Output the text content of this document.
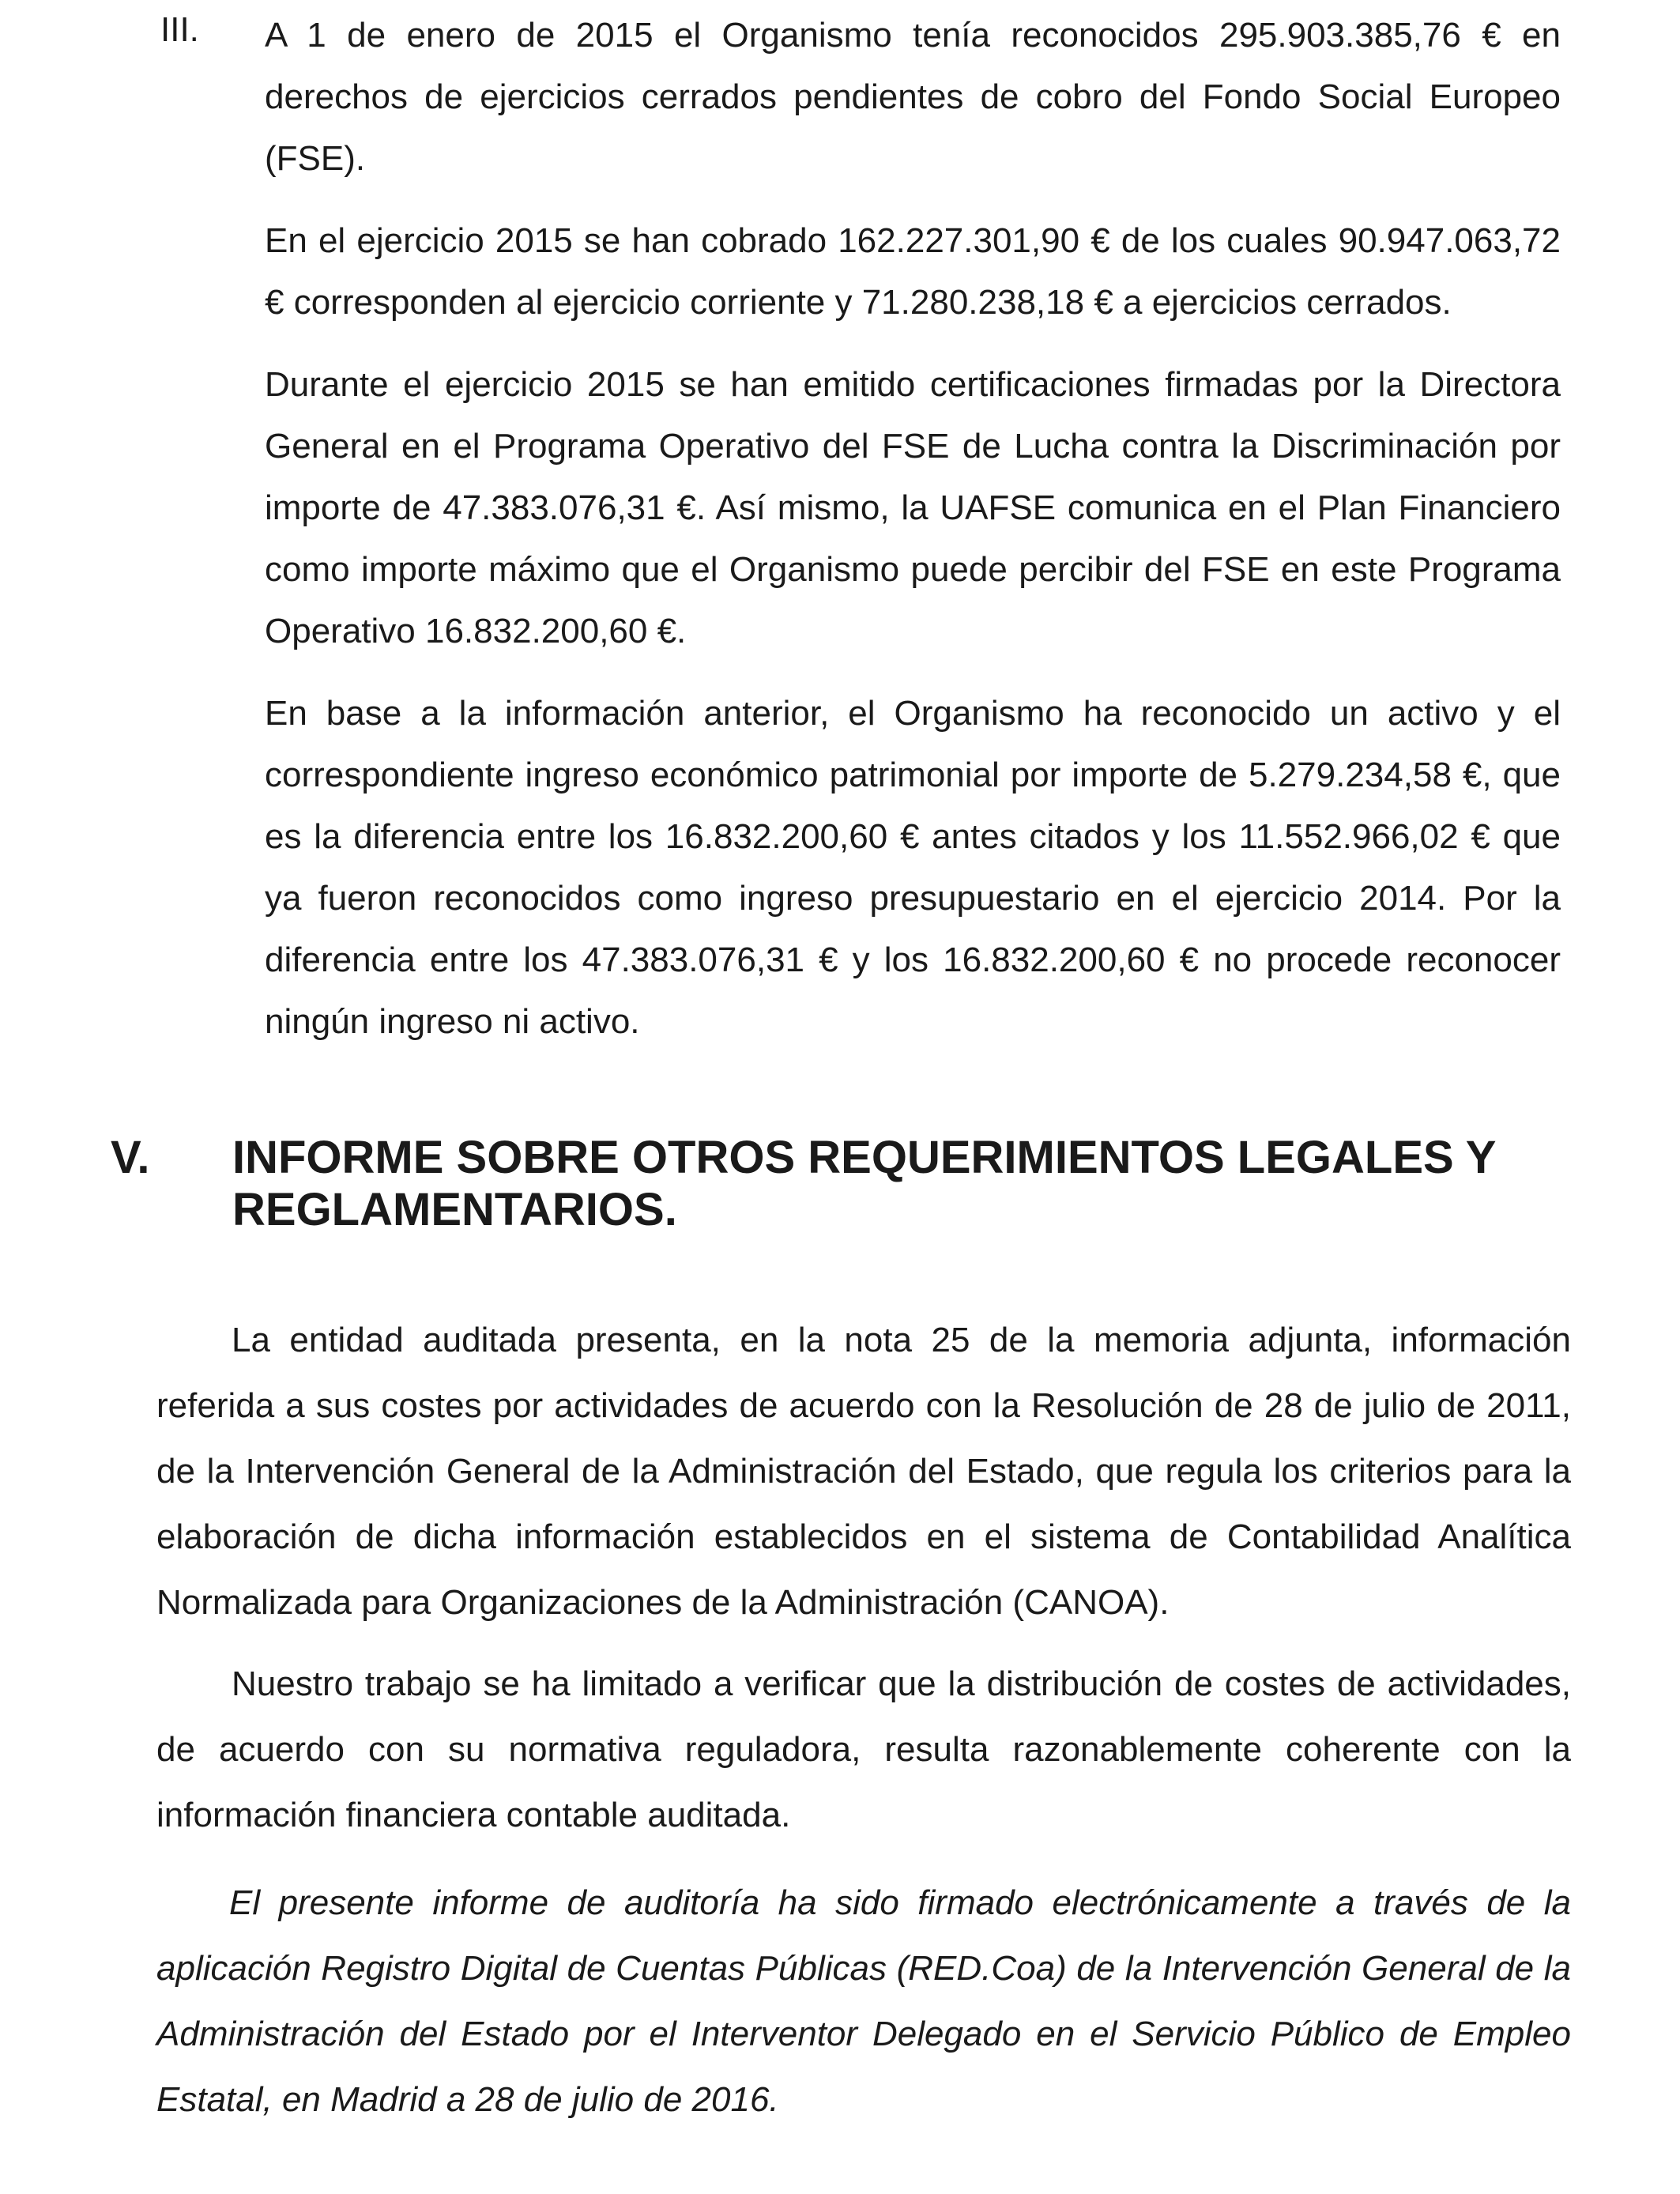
III. A 1 de enero de 2015 el Organismo tenía reconocidos 295.903.385,76 € en derechos de ejercicios cerrados pendientes de cobro del Fondo Social Europeo (FSE).

En el ejercicio 2015 se han cobrado 162.227.301,90 € de los cuales 90.947.063,72 € corresponden al ejercicio corriente y 71.280.238,18 € a ejercicios cerrados.

Durante el ejercicio 2015 se han emitido certificaciones firmadas por la Directora General en el Programa Operativo del FSE de Lucha contra la Discriminación por importe de 47.383.076,31 €. Así mismo, la UAFSE comunica en el Plan Financiero como importe máximo que el Organismo puede percibir del FSE en este Programa Operativo 16.832.200,60 €.

En base a la información anterior, el Organismo ha reconocido un activo y el correspondiente ingreso económico patrimonial por importe de 5.279.234,58 €, que es la diferencia entre los 16.832.200,60 € antes citados y los 11.552.966,02 € que ya fueron reconocidos como ingreso presupuestario en el ejercicio 2014. Por la diferencia entre los 47.383.076,31 € y los 16.832.200,60 € no procede reconocer ningún ingreso ni activo.

V. INFORME SOBRE OTROS REQUERIMIENTOS LEGALES Y REGLAMENTARIOS.

La entidad auditada presenta, en la nota 25 de la memoria adjunta, información referida a sus costes por actividades de acuerdo con la Resolución de 28 de julio de 2011, de la Intervención General de la Administración del Estado, que regula los criterios para la elaboración de dicha información establecidos en el sistema de Contabilidad Analítica Normalizada para Organizaciones de la Administración (CANOA).

Nuestro trabajo se ha limitado a verificar que la distribución de costes de actividades, de acuerdo con su normativa reguladora, resulta razonablemente coherente con la información financiera contable auditada.

El presente informe de auditoría ha sido firmado electrónicamente a través de la aplicación Registro Digital de Cuentas Públicas (RED.Coa) de la Intervención General de la Administración del Estado por el Interventor Delegado en el Servicio Público de Empleo Estatal, en Madrid a 28 de julio de 2016.
